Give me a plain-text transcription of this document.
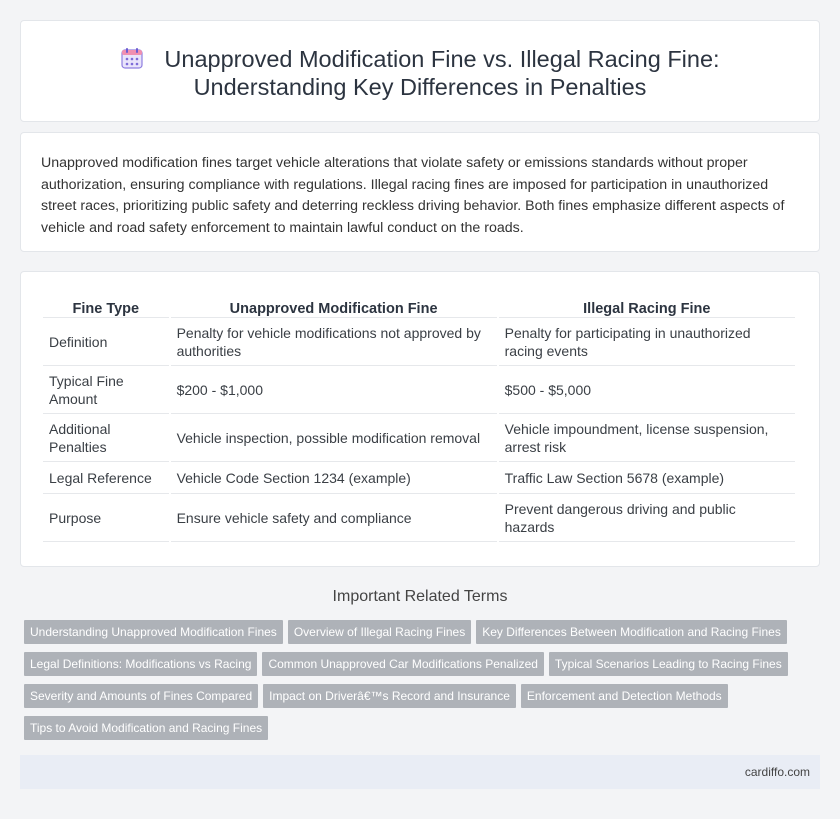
Unapproved Modification Fine vs. Illegal Racing Fine:
Understanding Key Differences in Penalties

Unapproved modification fines target vehicle alterations that violate safety or emissions standards without proper authorization, ensuring compliance with regulations. Illegal racing fines are imposed for participation in unauthorized street races, prioritizing public safety and deterring reckless driving behavior. Both fines emphasize different aspects of vehicle and road safety enforcement to maintain lawful conduct on the roads.

Fine Type	Unapproved Modification Fine	Illegal Racing Fine
Definition	Penalty for vehicle modifications not approved by authorities	Penalty for participating in unauthorized racing events
Typical Fine Amount	$200 - $1,000	$500 - $5,000
Additional Penalties	Vehicle inspection, possible modification removal	Vehicle impoundment, license suspension, arrest risk
Legal Reference	Vehicle Code Section 1234 (example)	Traffic Law Section 5678 (example)
Purpose	Ensure vehicle safety and compliance	Prevent dangerous driving and public hazards
Important Related Terms
Understanding Unapproved Modification Fines Overview of Illegal Racing Fines Key Differences Between Modification and Racing Fines
Legal Definitions: Modifications vs Racing Common Unapproved Car Modifications Penalized Typical Scenarios Leading to Racing Fines
Severity and Amounts of Fines Compared Impact on Driverâ€™s Record and Insurance Enforcement and Detection Methods
Tips to Avoid Modification and Racing Fines
cardiffo.com
